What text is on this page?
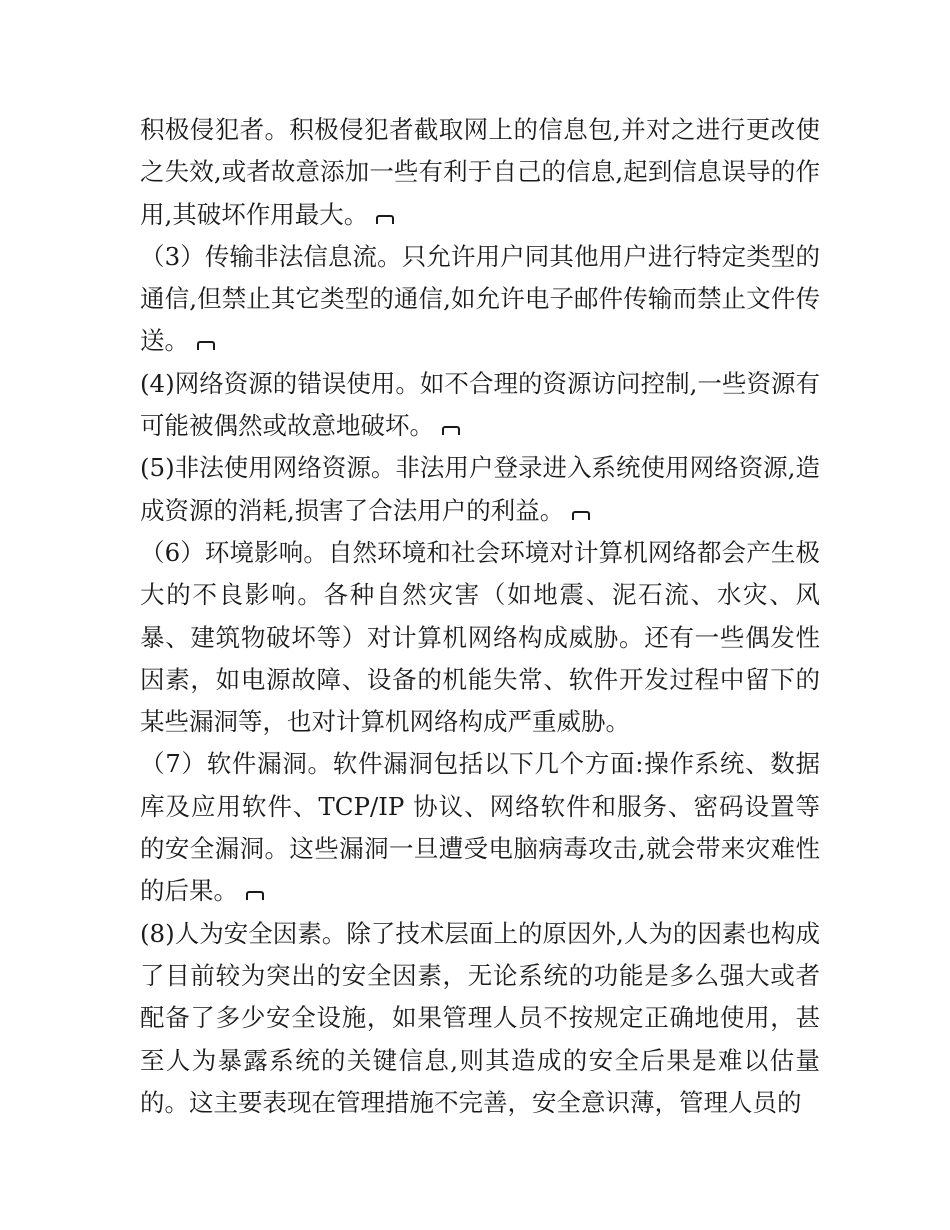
积极侵犯者。积极侵犯者截取网上的信息包,并对之进行更改使之失效,或者故意添加一些有利于自己的信息,起到信息误导的作用,其破坏作用最大。

（3）传输非法信息流。只允许用户同其他用户进行特定类型的通信,但禁止其它类型的通信,如允许电子邮件传输而禁止文件传送。

(4)网络资源的错误使用。如不合理的资源访问控制,一些资源有可能被偶然或故意地破坏。

(5)非法使用网络资源。非法用户登录进入系统使用网络资源,造成资源的消耗,损害了合法用户的利益。

（6）环境影响。自然环境和社会环境对计算机网络都会产生极大的不良影响。各种自然灾害（如地震、泥石流、水灾、风暴、建筑物破坏等）对计算机网络构成威胁。还有一些偶发性因素，如电源故障、设备的机能失常、软件开发过程中留下的某些漏洞等，也对计算机网络构成严重威胁。

（7）软件漏洞。软件漏洞包括以下几个方面:操作系统、数据库及应用软件、TCP/IP 协议、网络软件和服务、密码设置等的安全漏洞。这些漏洞一旦遭受电脑病毒攻击,就会带来灾难性的后果。

(8)人为安全因素。除了技术层面上的原因外,人为的因素也构成了目前较为突出的安全因素，无论系统的功能是多么强大或者配备了多少安全设施，如果管理人员不按规定正确地使用，甚至人为暴露系统的关键信息,则其造成的安全后果是难以估量的。这主要表现在管理措施不完善，安全意识薄，管理人员的
